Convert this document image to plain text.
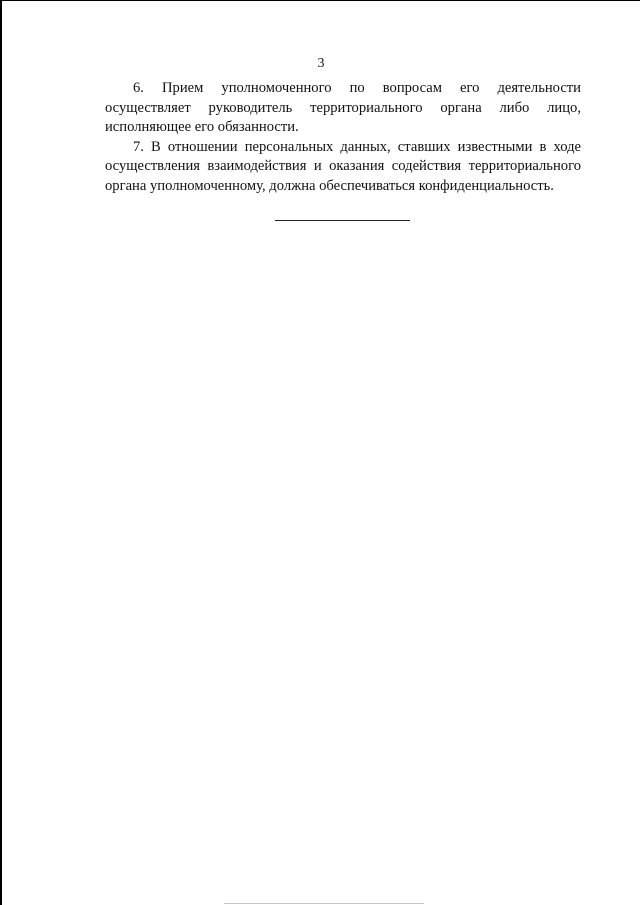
3

6. Прием уполномоченного по вопросам его деятельности осуществляет руководитель территориального органа либо лицо, исполняющее его обязанности.

7. В отношении персональных данных, ставших известными в ходе осуществления взаимодействия и оказания содействия территориального органа уполномоченному, должна обеспечиваться конфиденциальность.
